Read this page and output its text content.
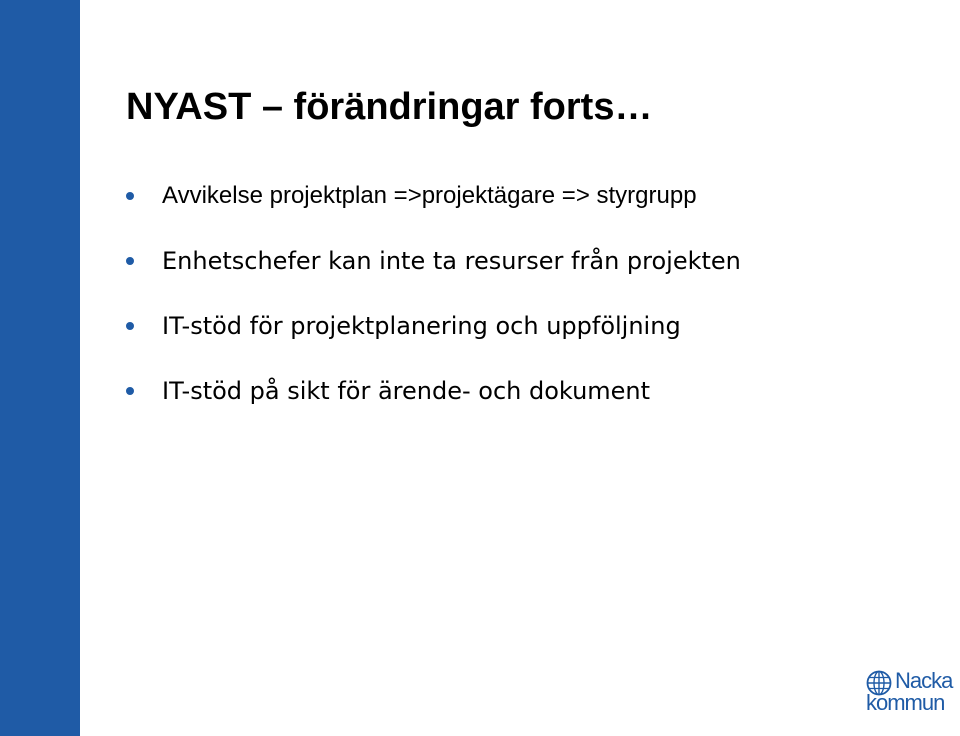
NYAST – förändringar forts…
Avvikelse projektplan =>projektägare => styrgrupp
Enhetschefer kan inte ta resurser från projekten
IT-stöd för projektplanering och uppföljning
IT-stöd på sikt för ärende- och dokument
Nacka
kommun
